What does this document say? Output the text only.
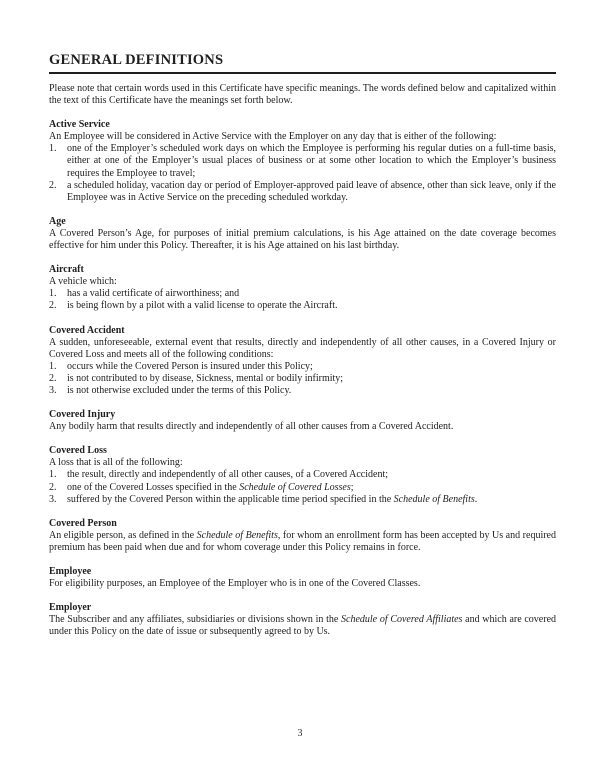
GENERAL DEFINITIONS
Please note that certain words used in this Certificate have specific meanings. The words defined below and capitalized within the text of this Certificate have the meanings set forth below.
Active Service
An Employee will be considered in Active Service with the Employer on any day that is either of the following:
1.	one of the Employer’s scheduled work days on which the Employee is performing his regular duties on a full-time basis, either at one of the Employer’s usual places of business or at some other location to which the Employer’s business requires the Employee to travel;
2.	a scheduled holiday, vacation day or period of Employer-approved paid leave of absence, other than sick leave, only if the Employee was in Active Service on the preceding scheduled workday.
Age
A Covered Person’s Age, for purposes of initial premium calculations, is his Age attained on the date coverage becomes effective for him under this Policy. Thereafter, it is his Age attained on his last birthday.
Aircraft
A vehicle which:
1.	has a valid certificate of airworthiness; and
2.	is being flown by a pilot with a valid license to operate the Aircraft.
Covered Accident
A sudden, unforeseeable, external event that results, directly and independently of all other causes, in a Covered Injury or Covered Loss and meets all of the following conditions:
1.	occurs while the Covered Person is insured under this Policy;
2.	is not contributed to by disease, Sickness, mental or bodily infirmity;
3.	is not otherwise excluded under the terms of this Policy.
Covered Injury
Any bodily harm that results directly and independently of all other causes from a Covered Accident.
Covered Loss
A loss that is all of the following:
1.	the result, directly and independently of all other causes, of a Covered Accident;
2.	one of the Covered Losses specified in the Schedule of Covered Losses;
3.	suffered by the Covered Person within the applicable time period specified in the Schedule of Benefits.
Covered Person
An eligible person, as defined in the Schedule of Benefits, for whom an enrollment form has been accepted by Us and required premium has been paid when due and for whom coverage under this Policy remains in force.
Employee
For eligibility purposes, an Employee of the Employer who is in one of the Covered Classes.
Employer
The Subscriber and any affiliates, subsidiaries or divisions shown in the Schedule of Covered Affiliates and which are covered under this Policy on the date of issue or subsequently agreed to by Us.
3
